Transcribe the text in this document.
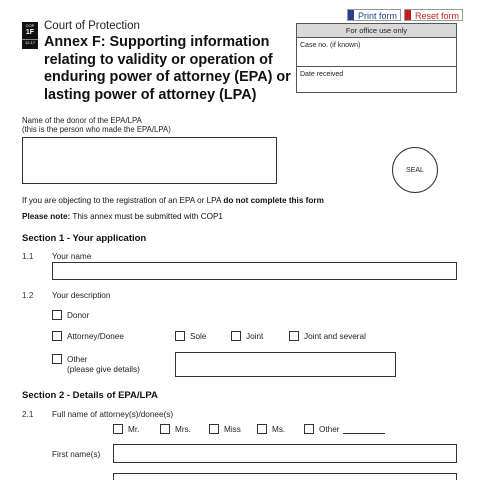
COP
1F
12.17
Court of Protection
Annex F: Supporting information relating to validity or operation of enduring power of attorney (EPA) or lasting power of attorney (LPA)
Print form	Reset form
For office use only
Case no. (if known)
Date received
Name of the donor of the EPA/LPA
(this is the person who made the EPA/LPA)
SEAL
If you are objecting to the registration of an EPA or LPA do not complete this form
Please note: This annex must be submitted with COP1
Section 1 - Your application
1.1 Your name
1.2 Your description
Donor
Attorney/Donee	Sole	Joint	Joint and several
Other
(please give details)
Section 2 - Details of EPA/LPA
2.1 Full name of attorney(s)/donee(s)
Mr.	Mrs.	Miss	Ms.	Other
First name(s)
